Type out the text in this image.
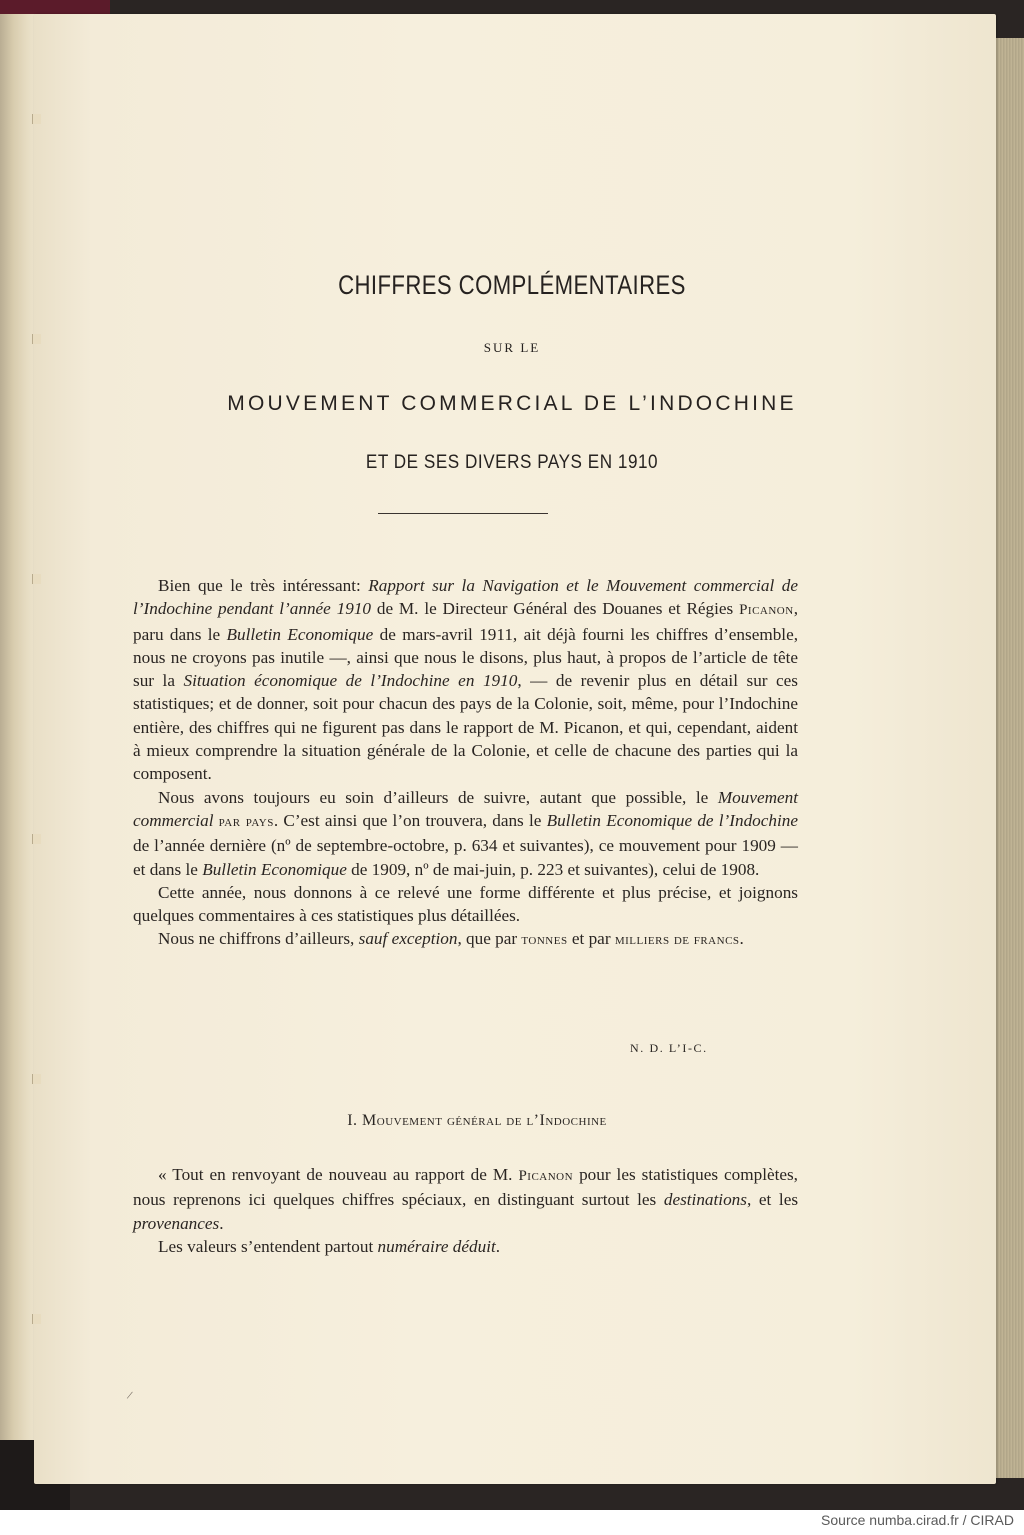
CHIFFRES COMPLÉMENTAIRES
SUR LE
MOUVEMENT COMMERCIAL DE L’INDOCHINE
ET DE SES DIVERS PAYS EN 1910

Bien que le très intéressant: Rapport sur la Navigation et le Mouvement commercial de l’Indochine pendant l’année 1910 de M. le Directeur Général des Douanes et Régies Picanon, paru dans le Bulletin Economique de mars-avril 1911, ait déjà fourni les chiffres d’ensemble, nous ne croyons pas inutile —, ainsi que nous le disons, plus haut, à propos de l’article de tête sur la Situation économique de l’Indochine en 1910, — de revenir plus en détail sur ces statistiques; et de donner, soit pour chacun des pays de la Colonie, soit, même, pour l’Indochine entière, des chiffres qui ne figurent pas dans le rapport de M. Picanon, et qui, cependant, aident à mieux comprendre la situation générale de la Colonie, et celle de chacune des parties qui la composent.

Nous avons toujours eu soin d’ailleurs de suivre, autant que possible, le Mouvement commercial par pays. C’est ainsi que l’on trouvera, dans le Bulletin Economique de l’Indochine de l’année dernière (nº de septembre-octobre, p. 634 et suivantes), ce mouvement pour 1909 — et dans le Bulletin Economique de 1909, nº de mai-juin, p. 223 et suivantes), celui de 1908.

Cette année, nous donnons à ce relevé une forme différente et plus précise, et joignons quelques commentaires à ces statistiques plus détaillées.

Nous ne chiffrons d’ailleurs, sauf exception, que par tonnes et par milliers de francs.

N. D. L’I-C.
I. Mouvement général de l’Indochine

« Tout en renvoyant de nouveau au rapport de M. Picanon pour les statistiques complètes, nous reprenons ici quelques chiffres spéciaux, en distinguant surtout les destinations, et les provenances.

Les valeurs s’entendent partout numéraire déduit.

/
Source numba.cirad.fr / CIRAD
